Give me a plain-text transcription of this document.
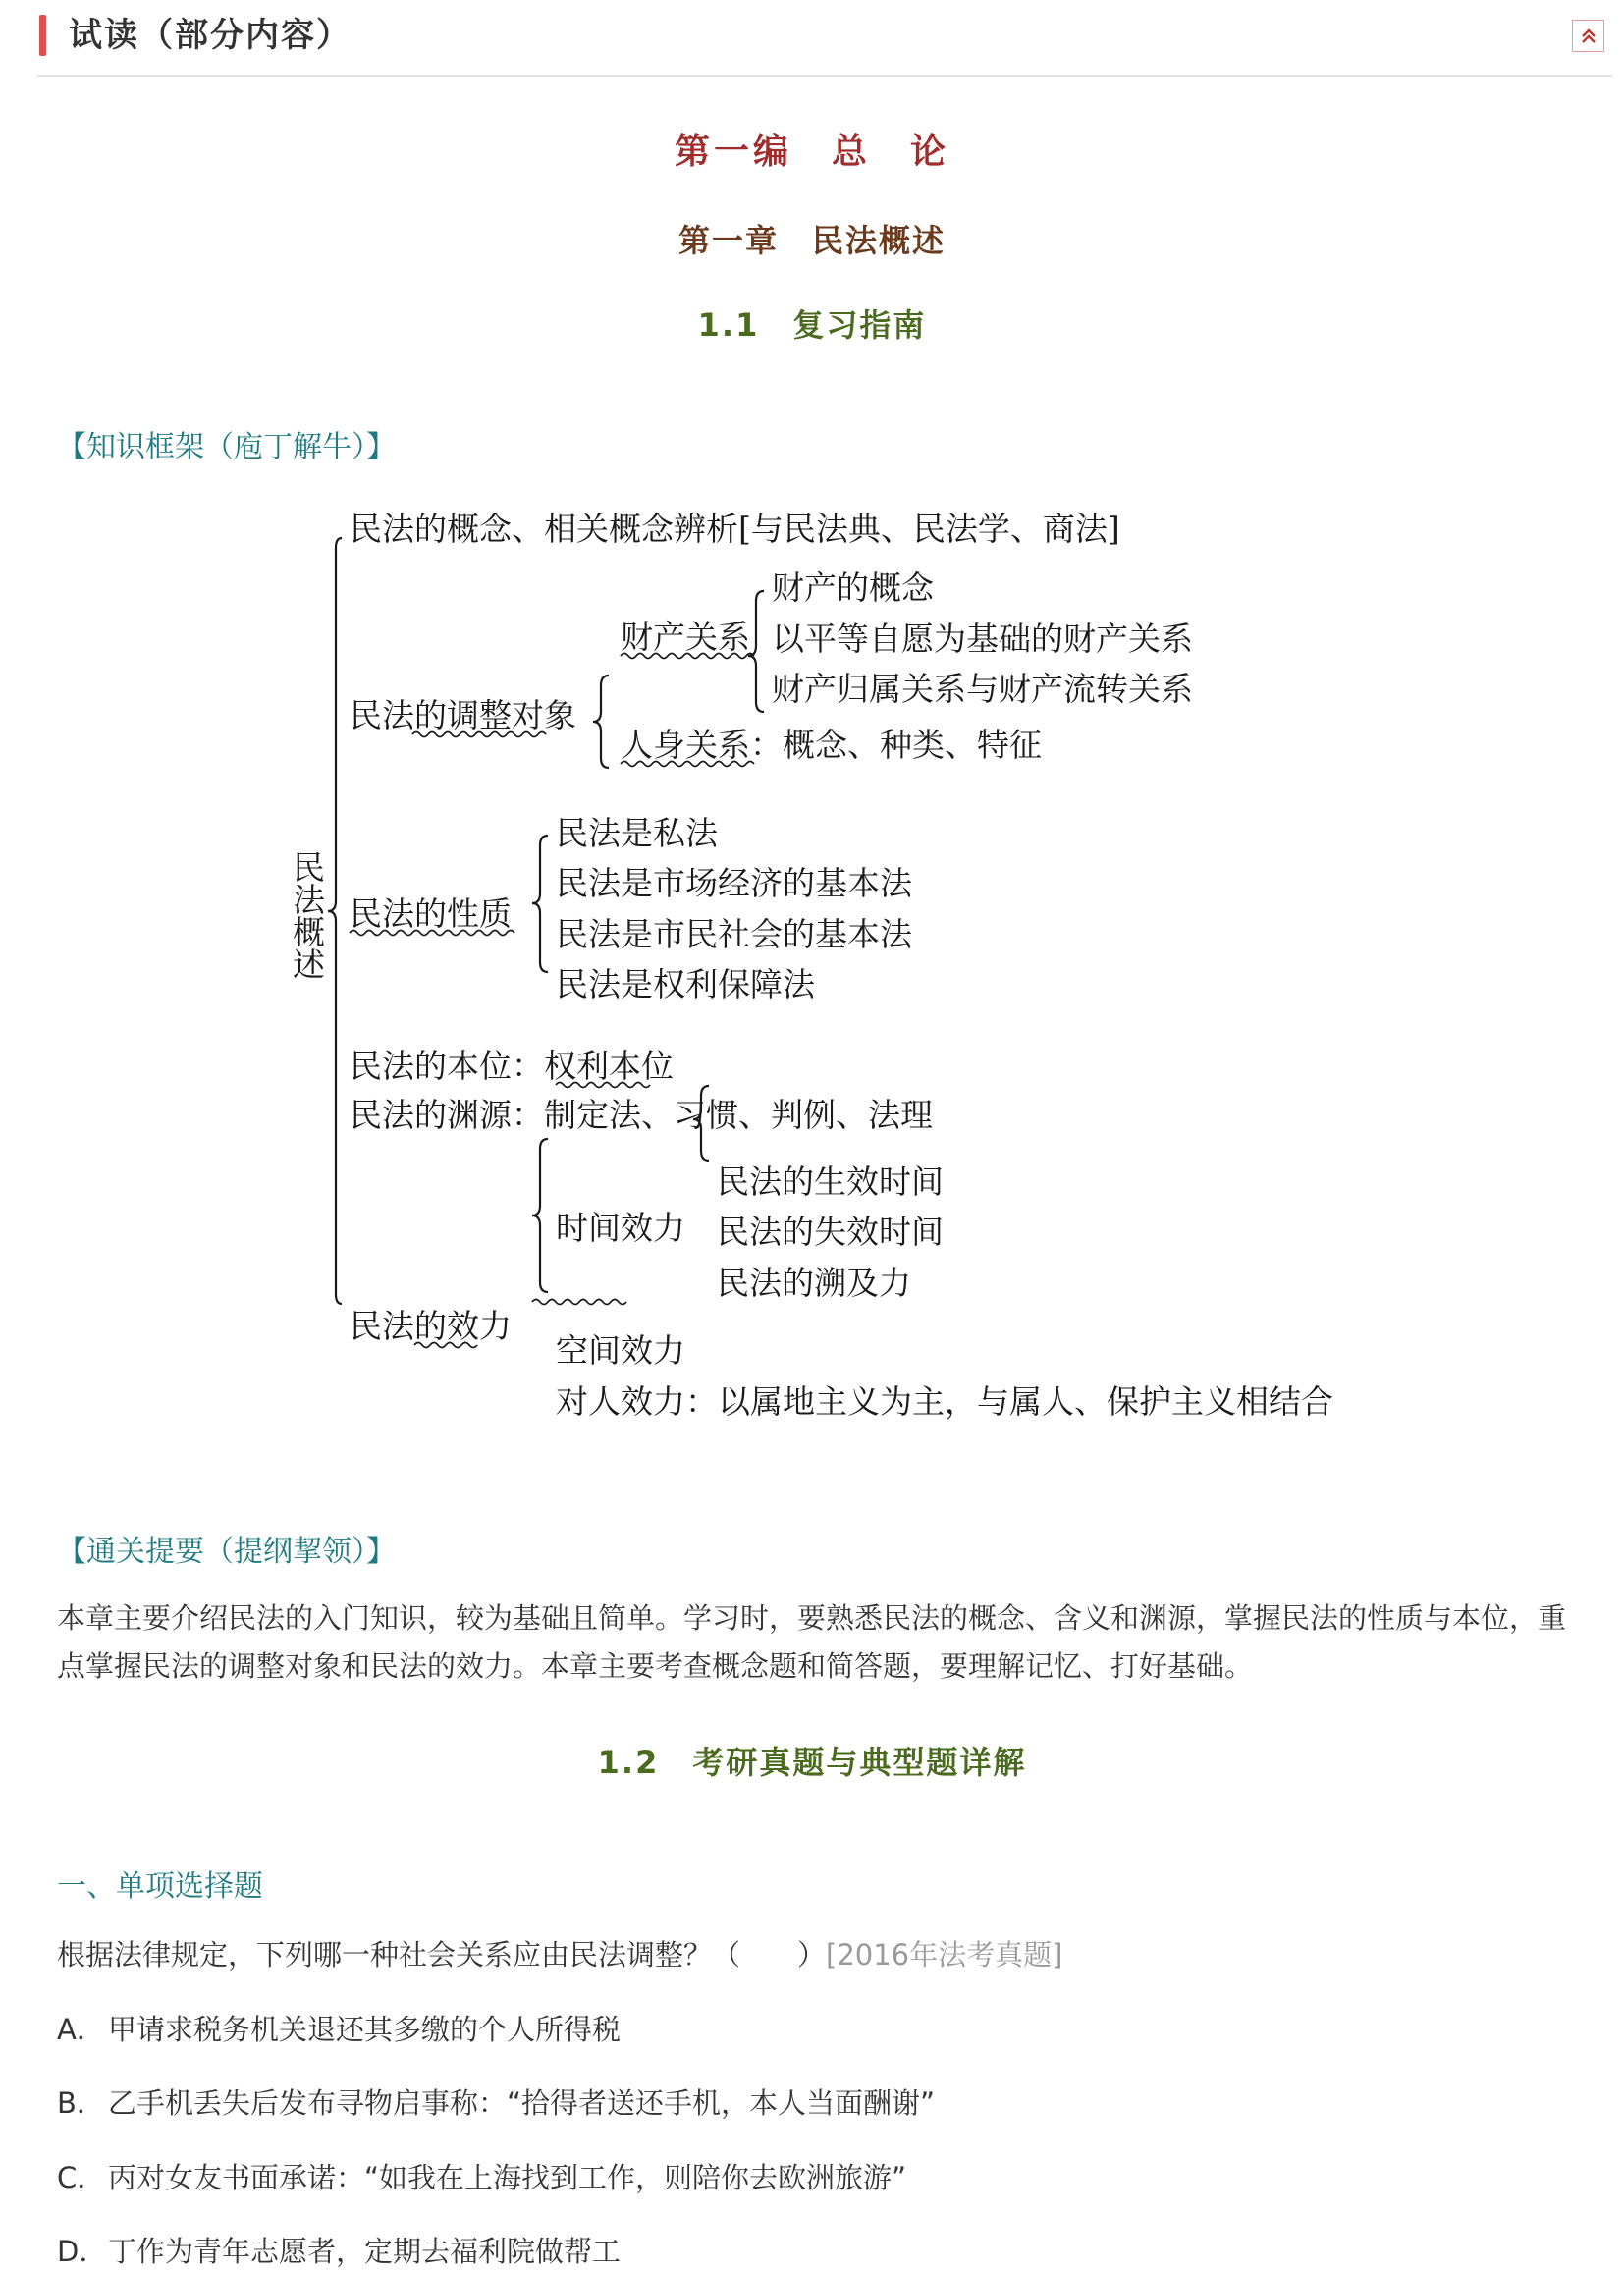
试读（部分内容）
第一编　总　论
第一章　民法概述
1.1　复习指南
【知识框架（庖丁解牛）】
民
法
概
述
民法的概念、相关概念辨析[与民法典、民法学、商法]
民法的调整对象
民法的性质
民法的本位：权利本位
民法的渊源：制定法、习惯、判例、法理
民法的效力
财产关系
人身关系：概念、种类、特征
财产的概念
以平等自愿为基础的财产关系
财产归属关系与财产流转关系
民法是私法
民法是市场经济的基本法
民法是市民社会的基本法
民法是权利保障法
时间效力
民法的生效时间
民法的失效时间
民法的溯及力
空间效力
对人效力：以属地主义为主，与属人、保护主义相结合
【通关提要（提纲挈领）】
本章主要介绍民法的入门知识，较为基础且简单。学习时，要熟悉民法的概念、含义和渊源，掌握民法的性质与本位，重点掌握民法的调整对象和民法的效力。本章主要考查概念题和简答题，要理解记忆、打好基础。
1.2　考研真题与典型题详解
一、单项选择题
根据法律规定，下列哪一种社会关系应由民法调整？（　　）[2016年法考真题]
A． 甲请求税务机关退还其多缴的个人所得税
B． 乙手机丢失后发布寻物启事称：“拾得者送还手机，本人当面酬谢”
C．丙对女友书面承诺：“如我在上海找到工作，则陪你去欧洲旅游”
D．丁作为青年志愿者，定期去福利院做帮工
